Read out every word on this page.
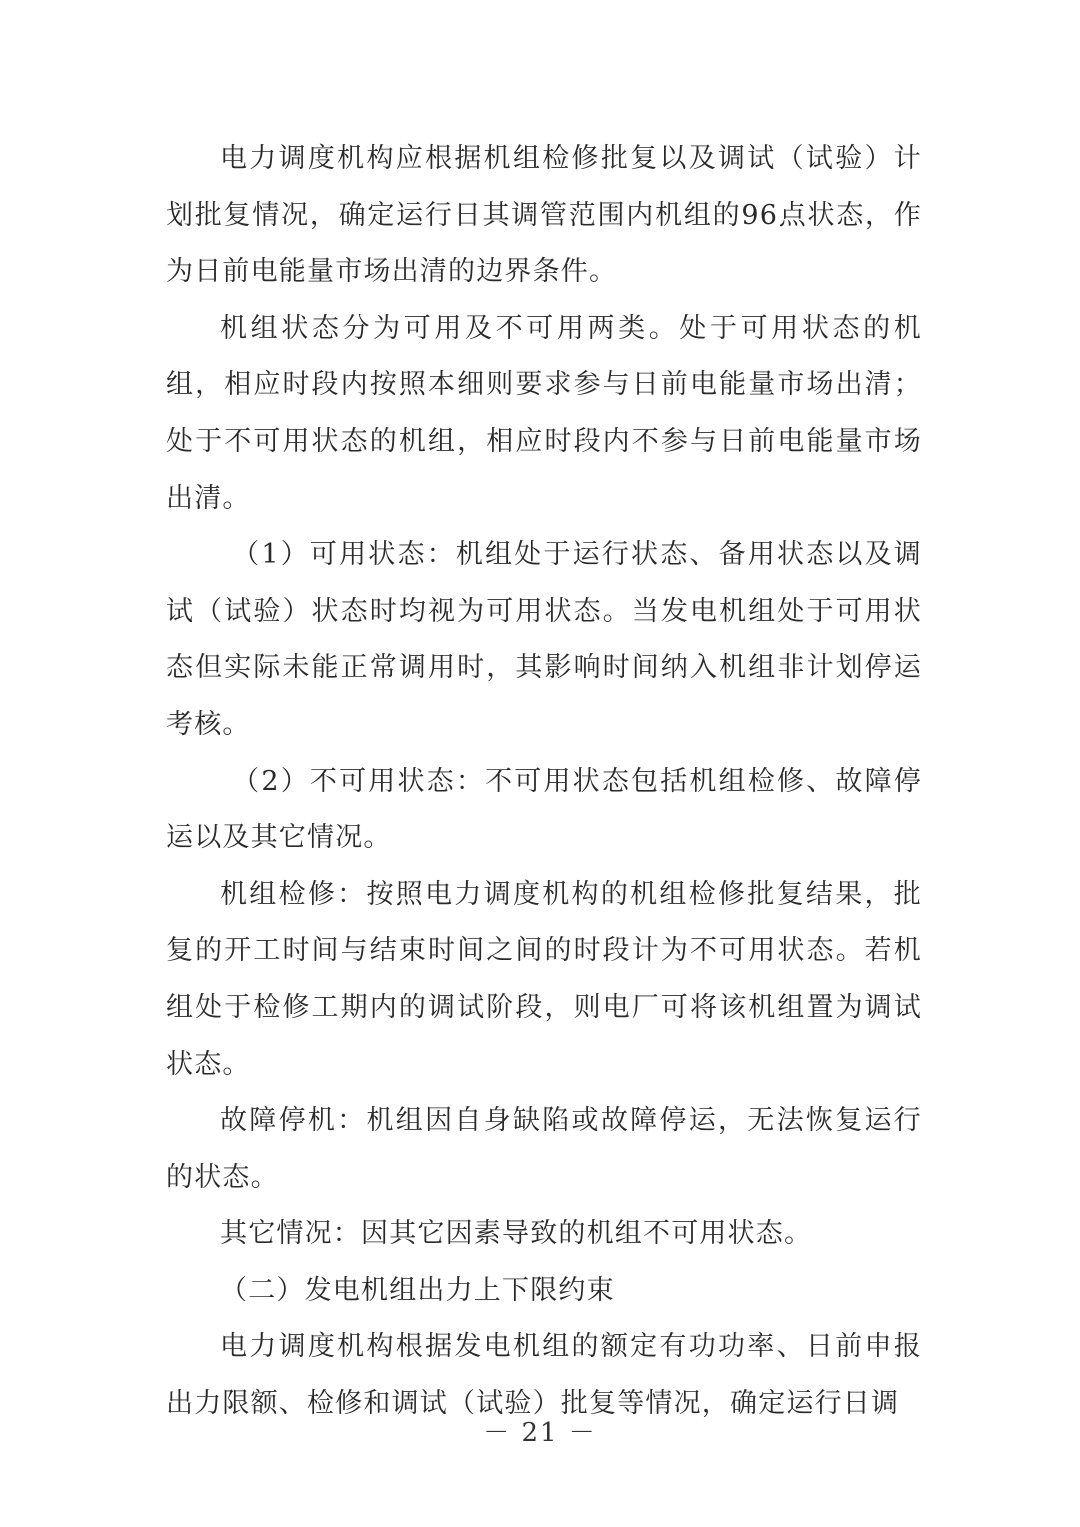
电力调度机构应根据机组检修批复以及调试（试验）计划批复情况，确定运行日其调管范围内机组的96点状态，作为日前电能量市场出清的边界条件。

机组状态分为可用及不可用两类。处于可用状态的机组，相应时段内按照本细则要求参与日前电能量市场出清；处于不可用状态的机组，相应时段内不参与日前电能量市场出清。

（1）可用状态：机组处于运行状态、备用状态以及调试（试验）状态时均视为可用状态。当发电机组处于可用状态但实际未能正常调用时，其影响时间纳入机组非计划停运考核。

（2）不可用状态：不可用状态包括机组检修、故障停运以及其它情况。

机组检修：按照电力调度机构的机组检修批复结果，批复的开工时间与结束时间之间的时段计为不可用状态。若机组处于检修工期内的调试阶段，则电厂可将该机组置为调试状态。

故障停机：机组因自身缺陷或故障停运，无法恢复运行的状态。

其它情况：因其它因素导致的机组不可用状态。

（二）发电机组出力上下限约束

电力调度机构根据发电机组的额定有功功率、日前申报出力限额、检修和调试（试验）批复等情况，确定运行日调

－ 21 －
